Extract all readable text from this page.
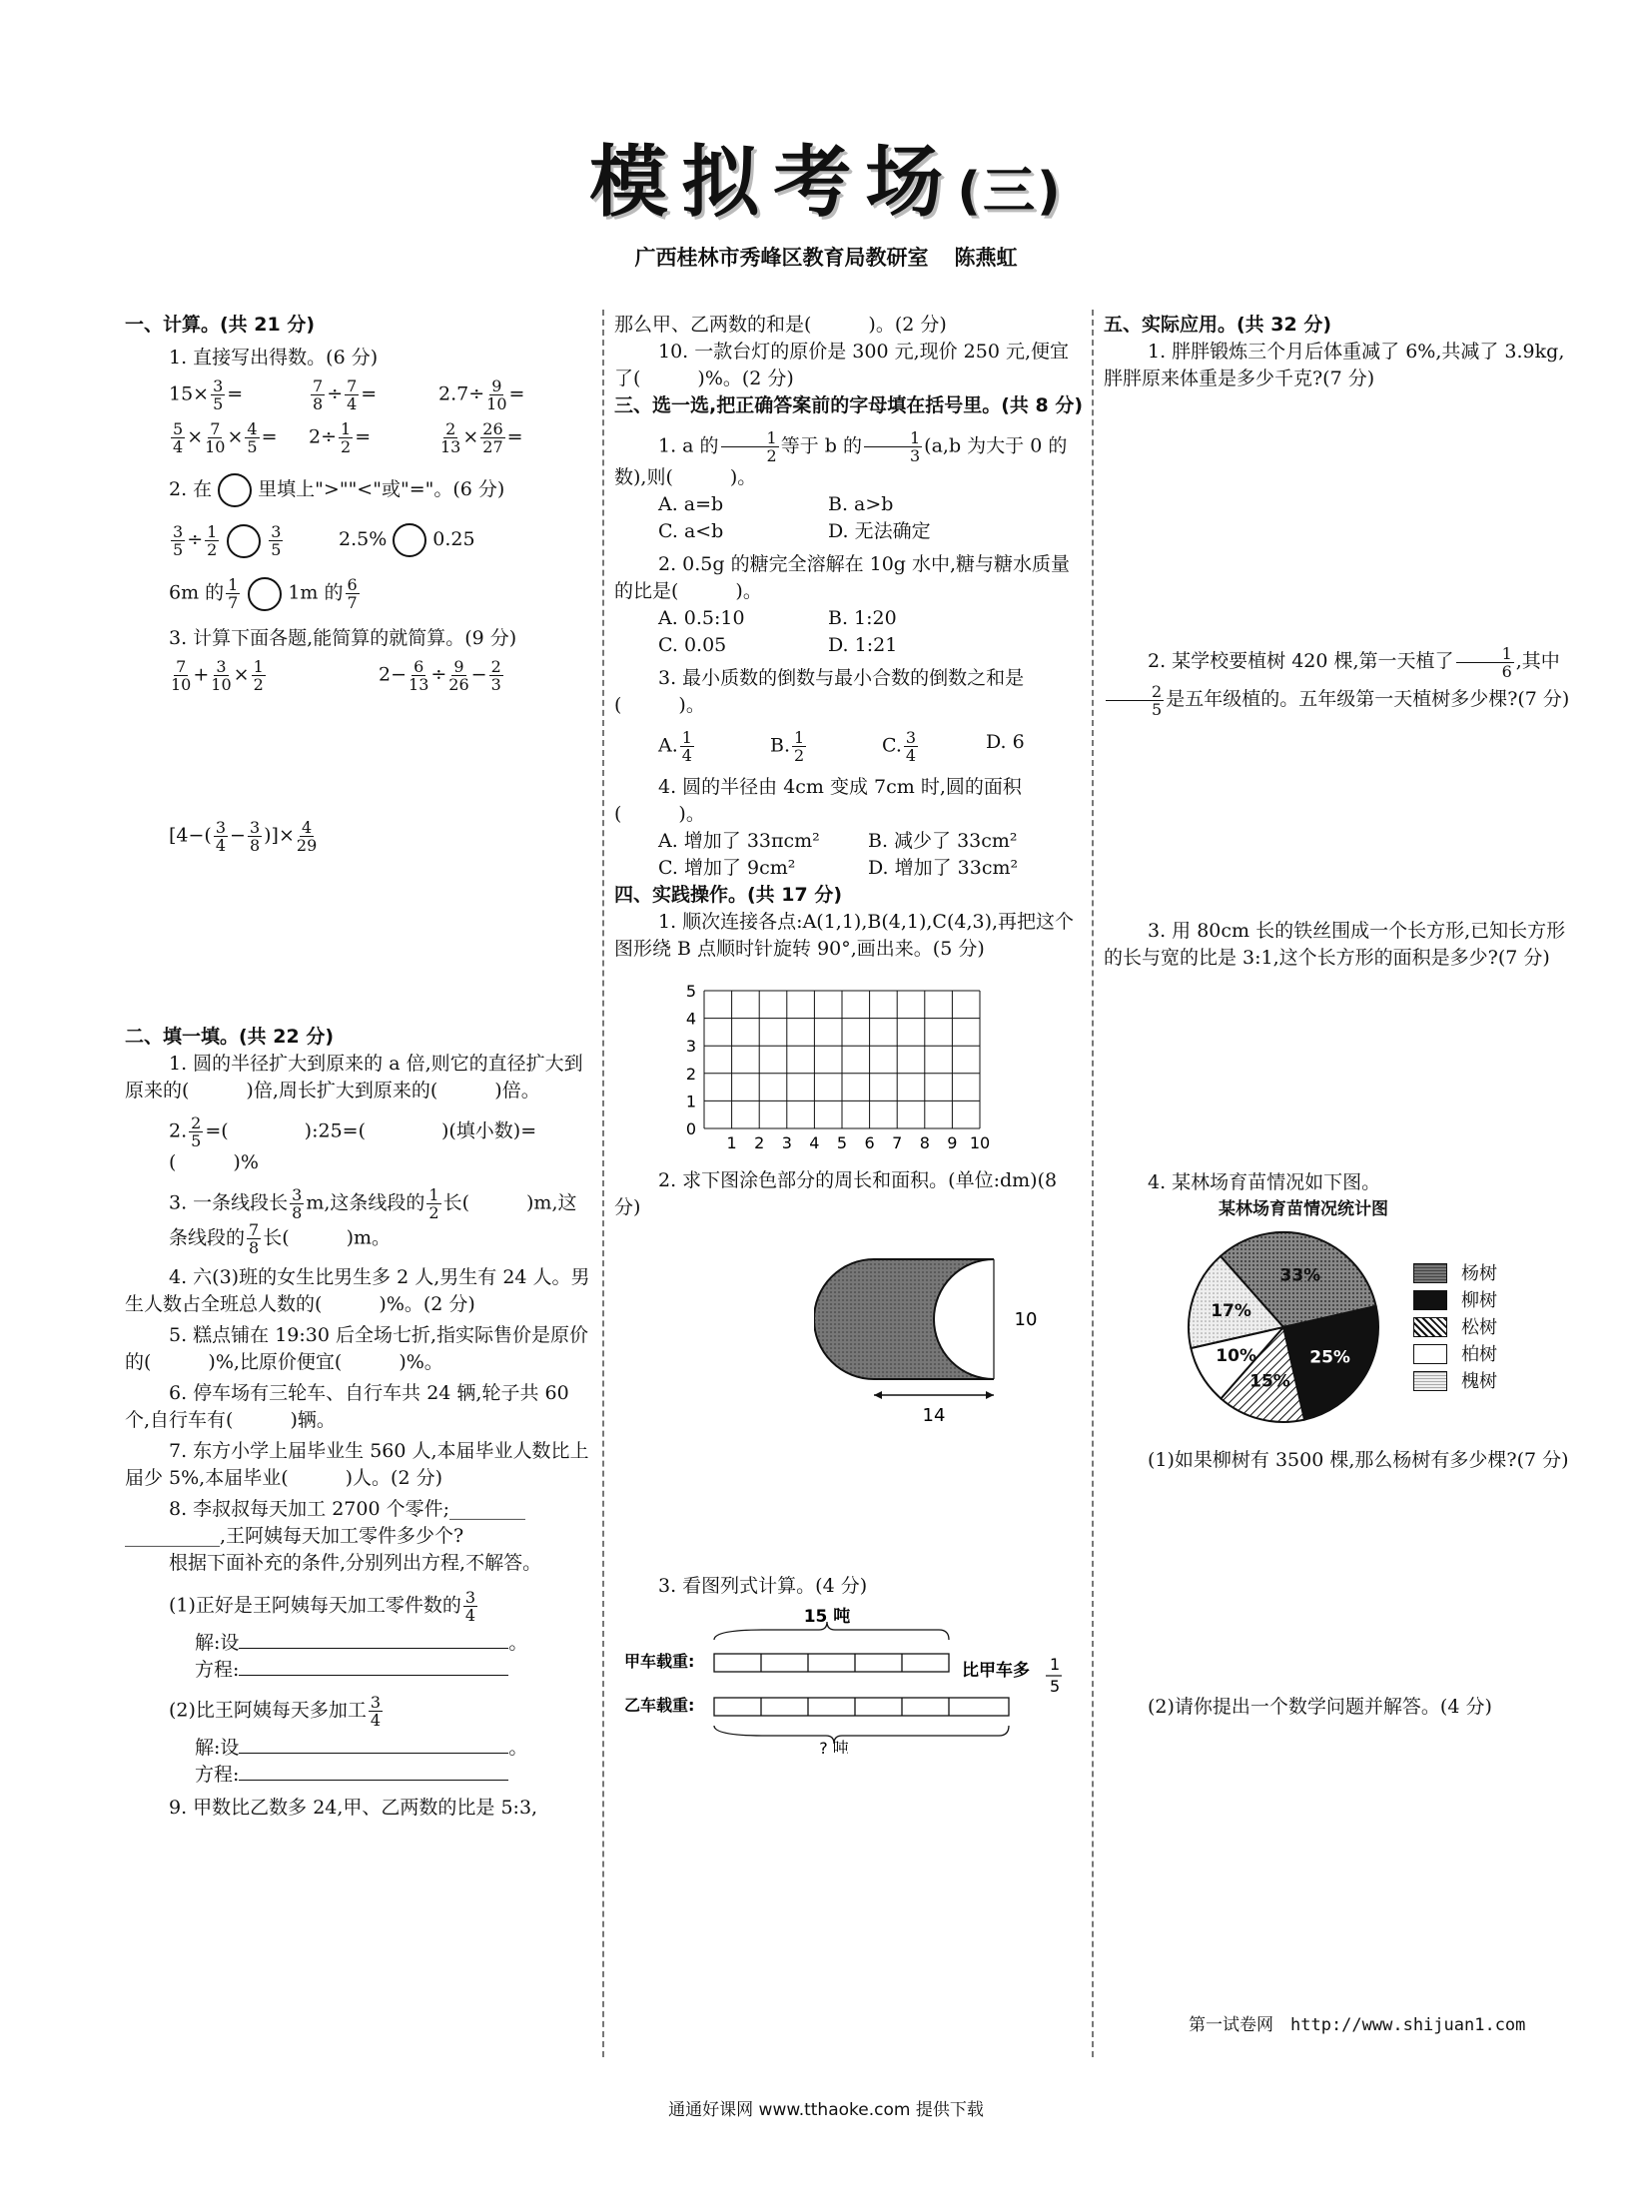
模拟考场(三)
广西桂林市秀峰区教育局教研室 陈燕虹
一、计算。(共 21 分)
1. 直接写出得数。(6 分)
$15\times \frac{3}{5}$ =	$\frac{7}{8} \div \frac{7}{4}$ =	$2.7\div \frac{9}{10}$ =
$\frac{5}{4} \times \frac{7}{10} \times \frac{4}{5}$ =	$2\div \frac{1}{2}$ =	$\frac{2}{13} \times \frac{26}{27}$ =
2. 在 里填上">""<"或"="。(6 分)
$\frac{3}{5} \div \frac{1}{2}$	$\frac{3}{5}$	2.5% 0.25
6m 的 $\frac{1}{7}$	1m 的 $\frac{6}{7}$
3. 计算下面各题,能简算的就简算。(9 分)
$\frac{7}{10} + \frac{3}{10} \times \frac{1}{2}$	$2- \frac{6}{13} \div \frac{9}{26} - \frac{2}{3}$
[$4-( \frac{3}{4} - \frac{3}{8}$ )]× $\frac{4}{29}$
二、填一填。(共 22 分)
1. 圆的半径扩大到原来的 a 倍,则它的直径扩大到原来的(　　　)倍,周长扩大到原来的(　　　)倍。
2. $\frac{2}{5}$ =(　　　　):25=(　　　　)(填小数)=(　　　)%
3. 一条线段长 $\frac{3}{8} m$,这条线段的 $\frac{1}{2}$ 长(　　　)m,这条线段的 $\frac{7}{8}$ 长(　　　)m。
4. 六(3)班的女生比男生多 2 人,男生有 24 人。男生人数占全班总人数的(　　　)%。(2 分)
5. 糕点铺在 19:30 后全场七折,指实际售价是原价的(　　　)%,比原价便宜(　　　)%。
6. 停车场有三轮车、自行车共 24 辆,轮子共 60 个,自行车有(　　　)辆。
7. 东方小学上届毕业生 560 人,本届毕业人数比上届少 5%,本届毕业(　　　)人。(2 分)
8. 李叔叔每天加工 2700 个零件;________
__________,王阿姨每天加工零件多少个?
根据下面补充的条件,分别列出方程,不解答。
(1)正好是王阿姨每天加工零件数的 $\frac{3}{4}$
解:设	。
方程:
(2)比王阿姨每天多加工 $\frac{3}{4}$
解:设	。
方程:
9. 甲数比乙数多 24,甲、乙两数的比是 5:3,
那么甲、乙两数的和是(　　　)。(2 分)
10. 一款台灯的原价是 300 元,现价 250 元,便宜了(　　　)%。(2 分)
三、选一选,把正确答案前的字母填在括号里。(共 8 分)
1. a 的 $\frac{1}{2}$ 等于 b 的 $\frac{1}{3} (a,b$ 为大于 0 的数),则(　　　)。
A. a=b	B. a>b
C. a<b	D. 无法确定
2. 0.5g 的糖完全溶解在 10g 水中,糖与糖水质量的比是(　　　)。
A. 0.5:10	B. 1:20
C. 0.05	D. 1:21
3. 最小质数的倒数与最小合数的倒数之和是(　　　)。
A. $\frac{1}{4}$	B. $\frac{1}{2}$	C. $\frac{3}{4}$	D. 6
4. 圆的半径由 4cm 变成 7cm 时,圆的面积(　　　)。
A. 增加了 33πcm²	B. 减少了 33cm²
C. 增加了 9cm²	D. 增加了 33cm²
四、实践操作。(共 17 分)
1. 顺次连接各点:A(1,1),B(4,1),C(4,3),再把这个图形绕 B 点顺时针旋转 90°,画出来。(5 分)
5
4
3
2
1
0
1 2 3 4 5 6 7 8 9 10
2. 求下图涂色部分的周长和面积。(单位:dm)(8 分)
14
10
3. 看图列式计算。(4 分)
15 吨
甲车载重:
乙车载重:
比甲车多 1
5
? 吨
五、实际应用。(共 32 分)
1. 胖胖锻炼三个月后体重减了 6%,共减了 3.9kg,胖胖原来体重是多少千克?(7 分)
2. 某学校要植树 420 棵,第一天植了 $\frac{1}{6}$ ,其中
$\frac{2}{5}$ 是五年级植的。五年级第一天植树多少棵?(7 分)
3. 用 80cm 长的铁丝围成一个长方形,已知长方形的长与宽的比是 3:1,这个长方形的面积是多少?(7 分)
4. 某林场育苗情况如下图。
某林场育苗情况统计图
33%
25%
15%
10%
17%
杨树
柳树
松树
柏树
槐树
(1)如果柳树有 3500 棵,那么杨树有多少棵?(7 分)
(2)请你提出一个数学问题并解答。(4 分)
第一试卷网　http://www.shijuan1.com
通通好课网 www.tthaoke.com 提供下载
